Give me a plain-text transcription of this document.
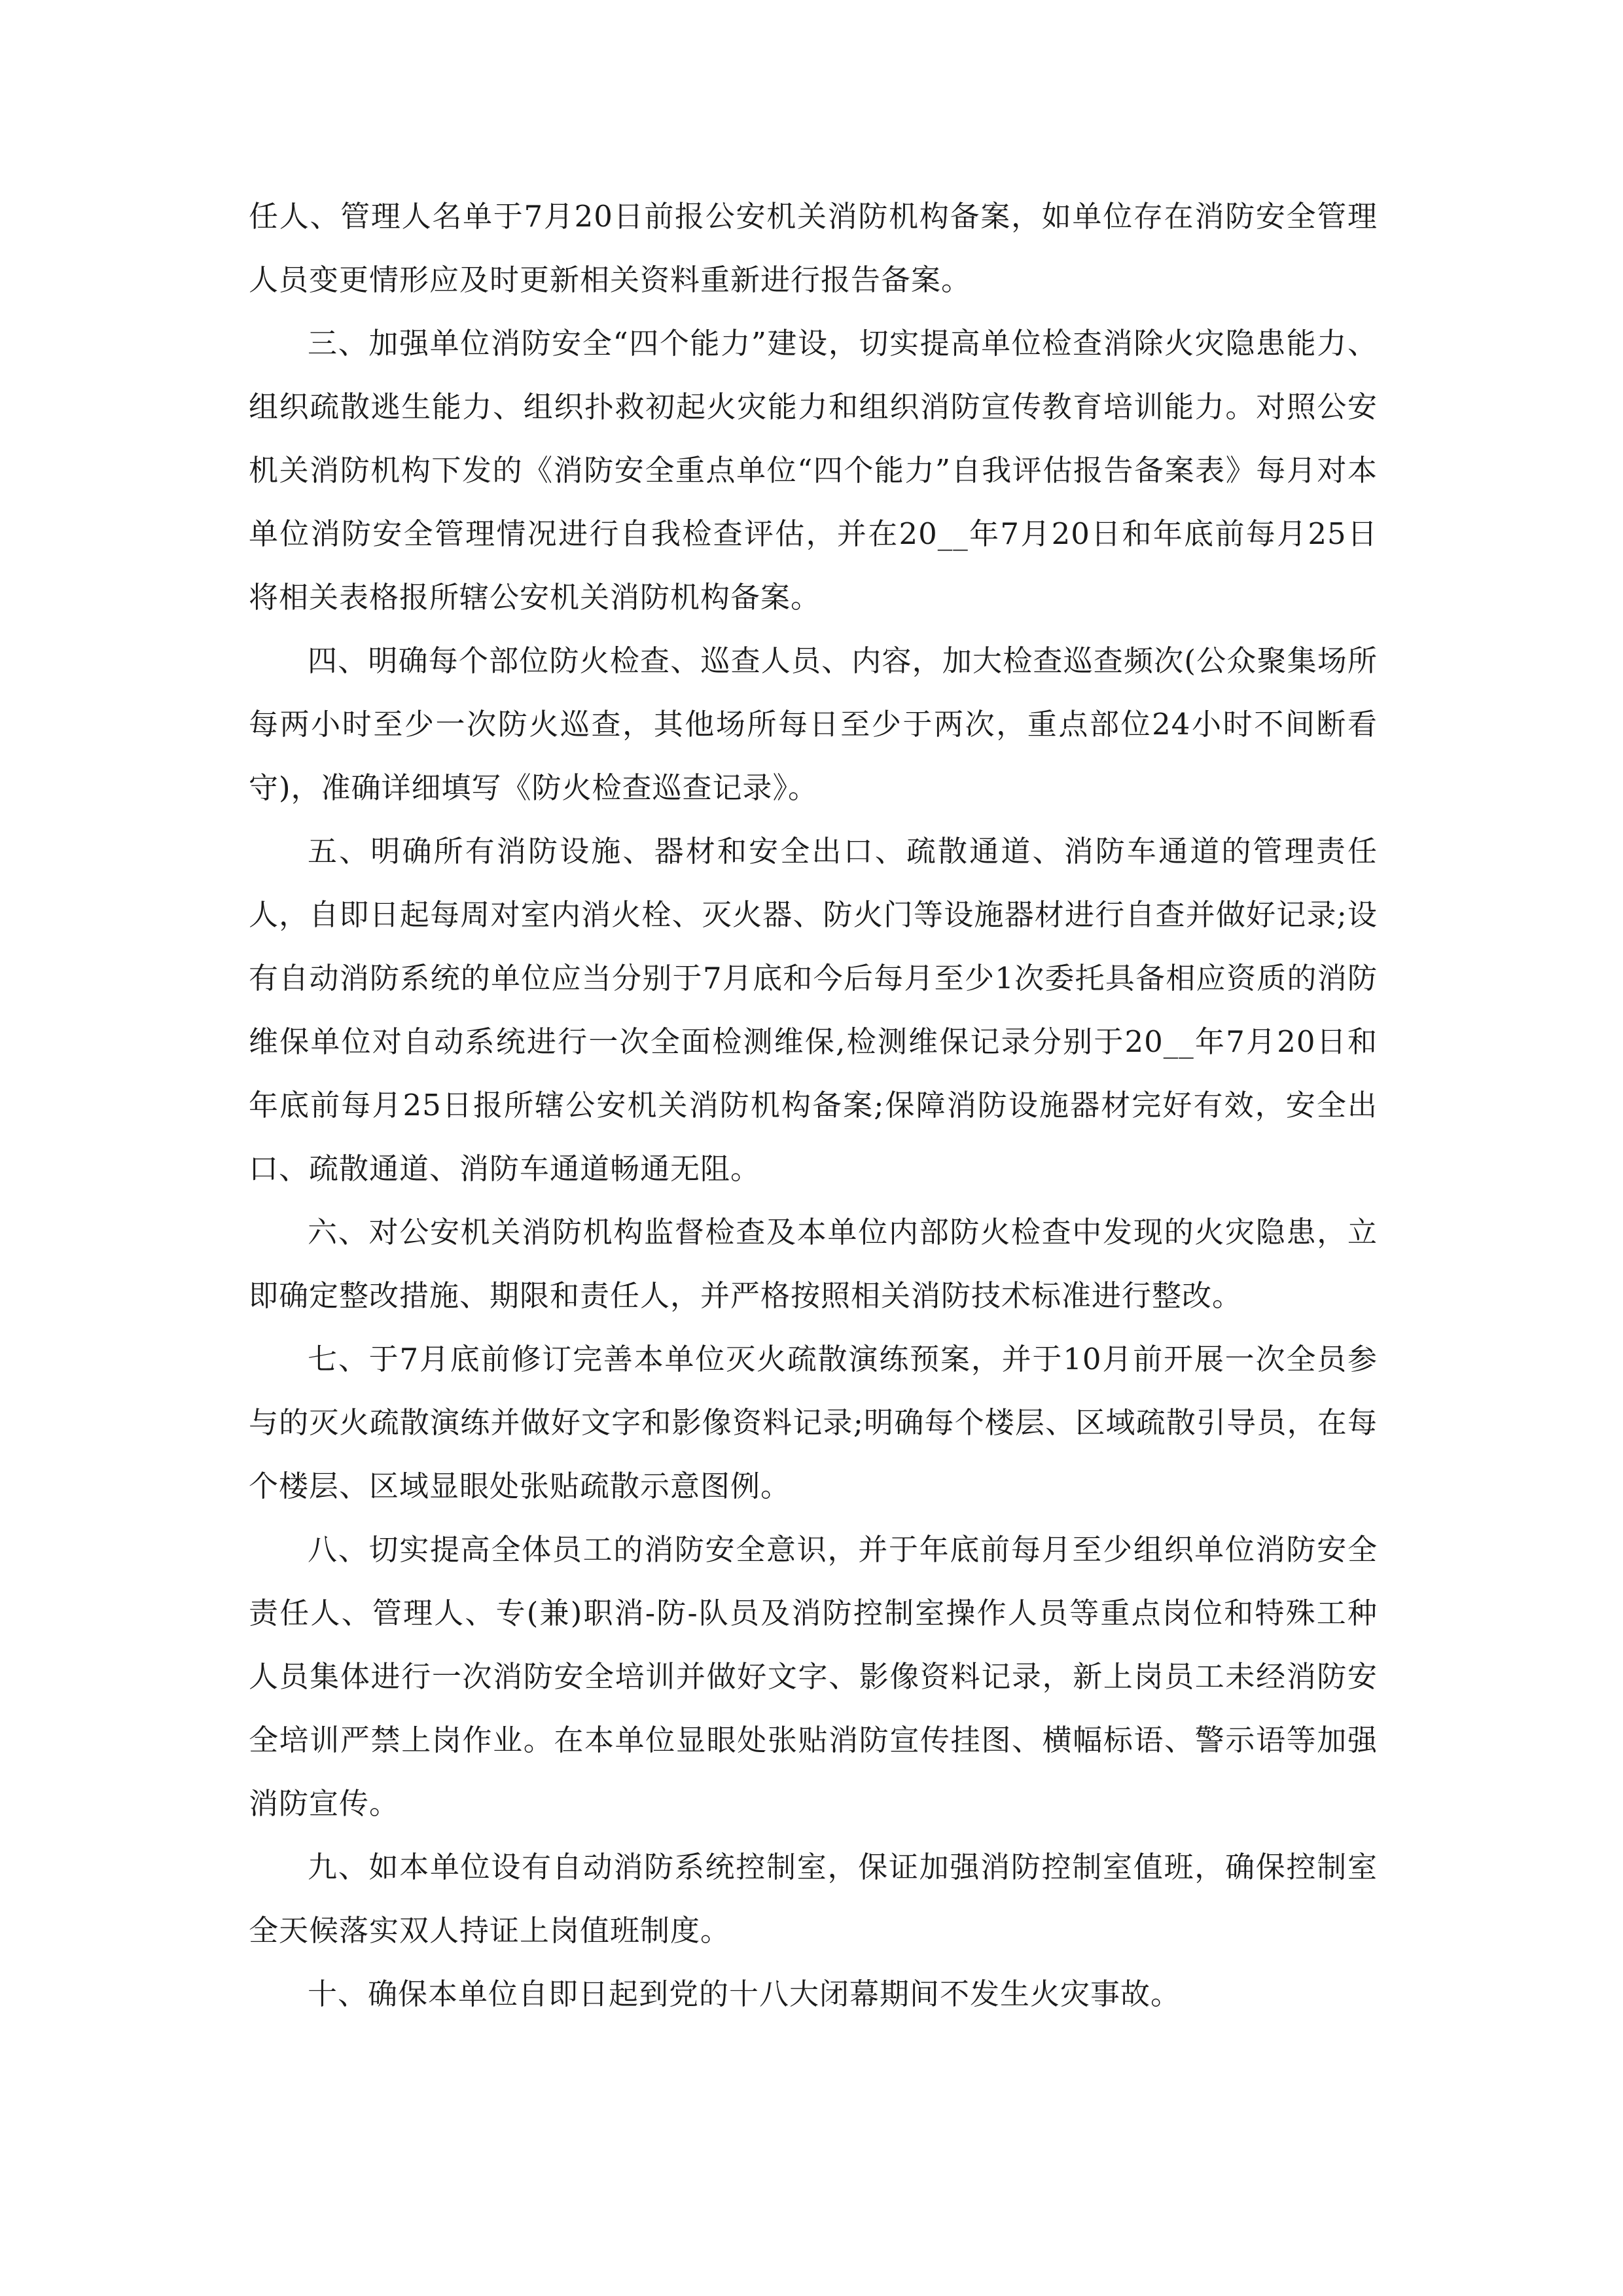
任人、管理人名单于7月20日前报公安机关消防机构备案，如单位存在消防安全管理人员变更情形应及时更新相关资料重新进行报告备案。

三、加强单位消防安全“四个能力”建设，切实提高单位检查消除火灾隐患能力、组织疏散逃生能力、组织扑救初起火灾能力和组织消防宣传教育培训能力。对照公安机关消防机构下发的《消防安全重点单位“四个能力”自我评估报告备案表》每月对本单位消防安全管理情况进行自我检查评估，并在20__年7月20日和年底前每月25日将相关表格报所辖公安机关消防机构备案。

四、明确每个部位防火检查、巡查人员、内容，加大检查巡查频次(公众聚集场所每两小时至少一次防火巡查，其他场所每日至少于两次，重点部位24小时不间断看守)，准确详细填写《防火检查巡查记录》。

五、明确所有消防设施、器材和安全出口、疏散通道、消防车通道的管理责任人，自即日起每周对室内消火栓、灭火器、防火门等设施器材进行自查并做好记录;设有自动消防系统的单位应当分别于7月底和今后每月至少1次委托具备相应资质的消防维保单位对自动系统进行一次全面检测维保,检测维保记录分别于20__年7月20日和年底前每月25日报所辖公安机关消防机构备案;保障消防设施器材完好有效，安全出口、疏散通道、消防车通道畅通无阻。

六、对公安机关消防机构监督检查及本单位内部防火检查中发现的火灾隐患，立即确定整改措施、期限和责任人，并严格按照相关消防技术标准进行整改。

七、于7月底前修订完善本单位灭火疏散演练预案，并于10月前开展一次全员参与的灭火疏散演练并做好文字和影像资料记录;明确每个楼层、区域疏散引导员，在每个楼层、区域显眼处张贴疏散示意图例。

八、切实提高全体员工的消防安全意识，并于年底前每月至少组织单位消防安全责任人、管理人、专(兼)职消-防-队员及消防控制室操作人员等重点岗位和特殊工种人员集体进行一次消防安全培训并做好文字、影像资料记录，新上岗员工未经消防安全培训严禁上岗作业。在本单位显眼处张贴消防宣传挂图、横幅标语、警示语等加强消防宣传。

九、如本单位设有自动消防系统控制室，保证加强消防控制室值班，确保控制室全天候落实双人持证上岗值班制度。

十、确保本单位自即日起到党的十八大闭幕期间不发生火灾事故。
